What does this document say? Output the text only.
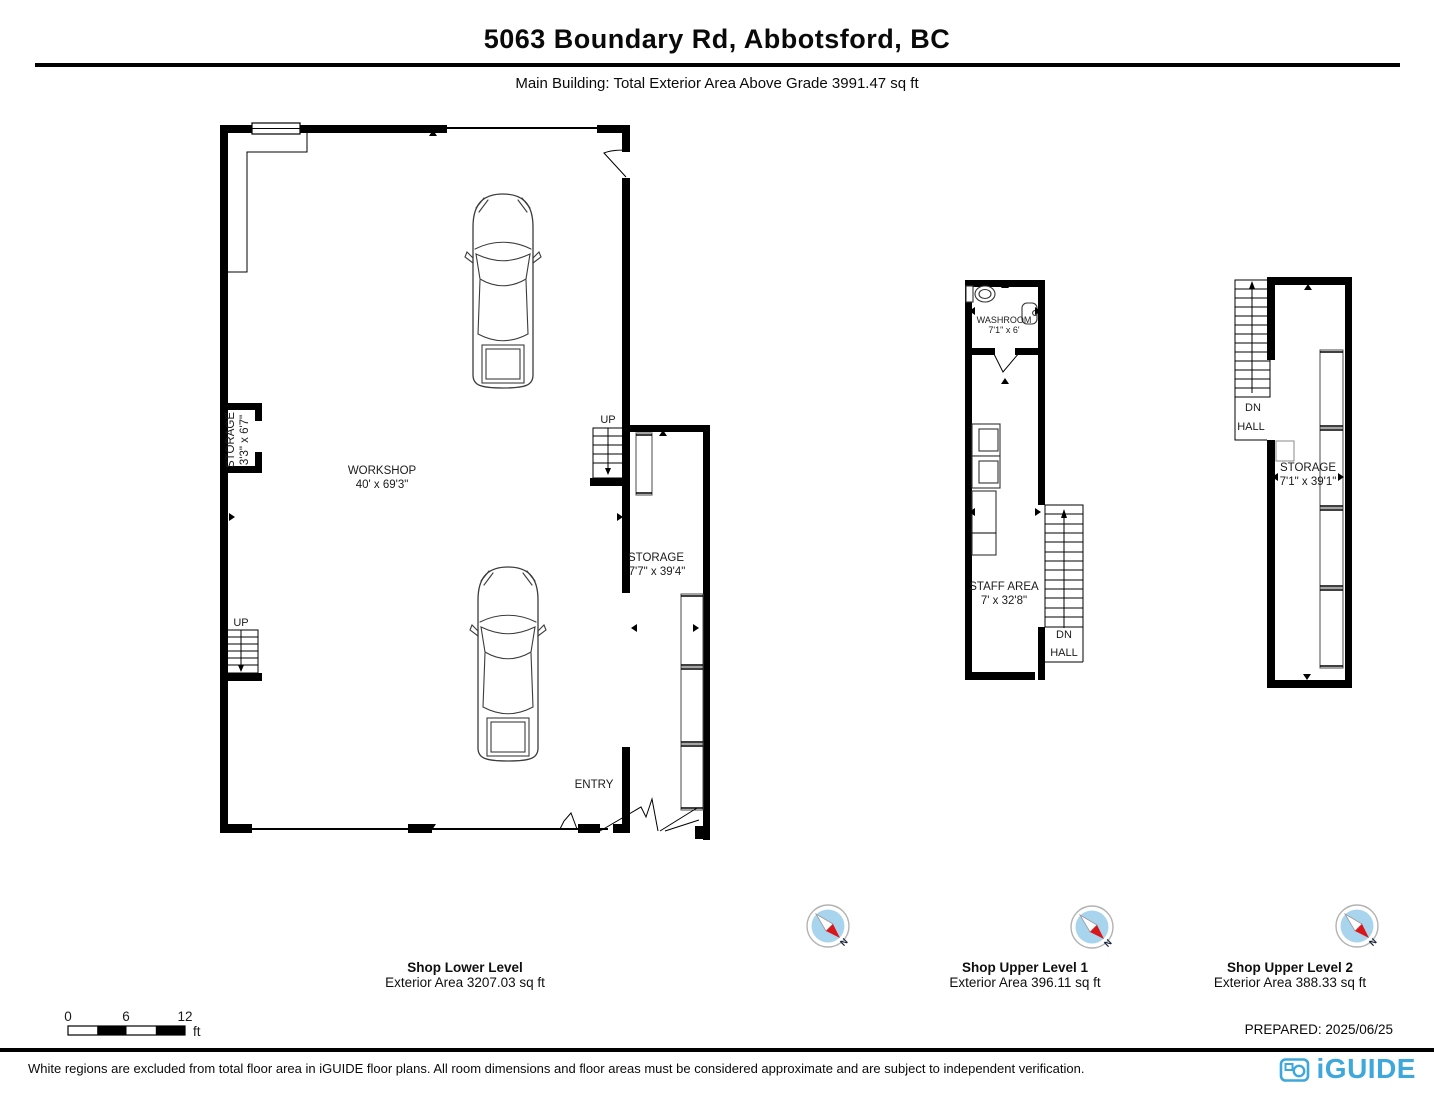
5063 Boundary Rd, Abbotsford, BC
Main Building: Total Exterior Area Above Grade 3991.47 sq ft
N
UP
UP
WORKSHOP
40' x 69'3"
STORAGE
7'7" x 39'4"
ENTRY
STORAGE 3'3" x 6'7"
WASHROOM
7'1" x 6'
STAFF AREA
7' x 32'8"
DN
HALL
STORAGE
7'1" x 39'1"
DN
HALL
0	6	12
ft
Shop Lower Level
Exterior Area 3207.03 sq ft
Shop Upper Level 1
Exterior Area 396.11 sq ft
Shop Upper Level 2
Exterior Area 388.33 sq ft
PREPARED: 2025/06/25
White regions are excluded from total floor area in iGUIDE floor plans. All room dimensions and floor areas must be considered approximate and are subject to independent verification.	iGUIDE
